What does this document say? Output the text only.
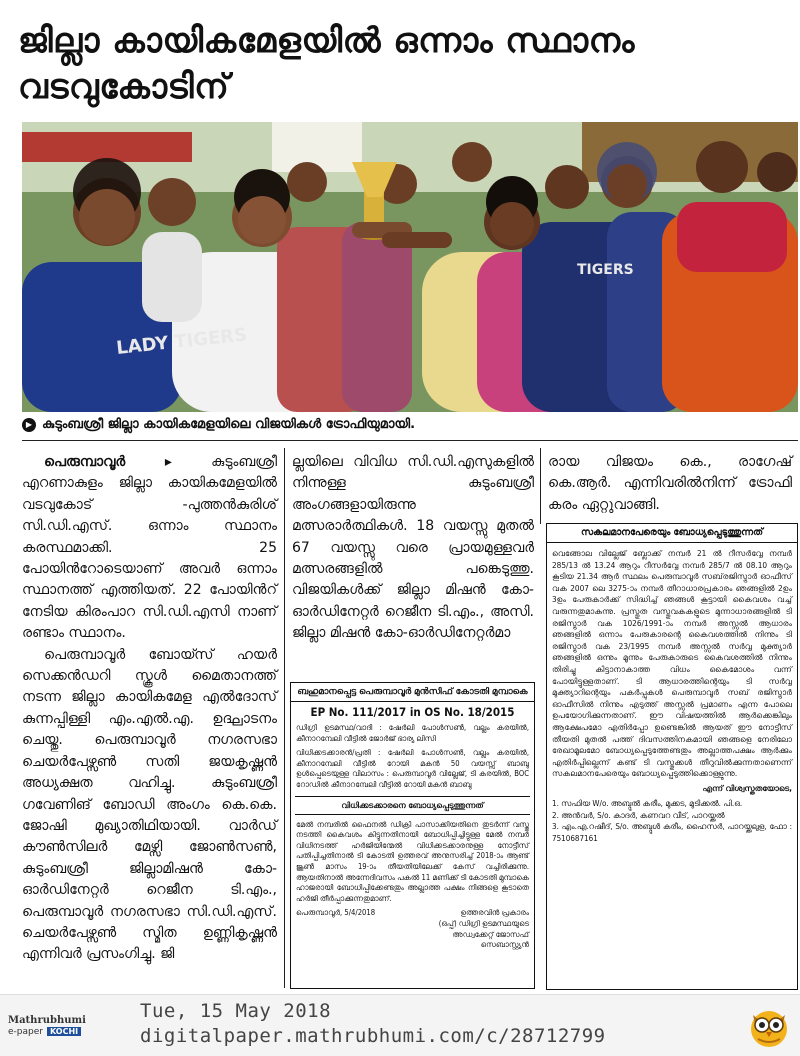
ജില്ലാ കായികമേളയിൽ ഒന്നാം സ്ഥാനം
വടവുകോടിന്
LADY TIGERS
TIGERS
▶ കുടുംബശ്രീ ജില്ലാ കായികമേളയിലെ വിജയികൾ ട്രോഫിയുമായി.

പെരുമ്പാവൂർ ▸	കുടുംബശ്രീ എറണാകുളം ജില്ലാ കായികമേളയിൽ വടവുകോട് -പുത്തൻകുരിശ് സി.ഡി.എസ്. ഒന്നാം സ്ഥാനം കരസ്ഥമാക്കി. 25 പോയിൻറോടെയാണ് അവർ ഒന്നാം സ്ഥാനത്ത് എത്തിയത്. 22 പോയിൻറ് നേടിയ കിരംപാറ സി.ഡി.എസി നാണ് രണ്ടാം സ്ഥാനം.

പെരുമ്പാവൂർ ബോയ്സ് ഹയർ സെക്കൻഡറി സ്കൂൾ മൈതാനത്ത് നടന്ന ജില്ലാ കായികമേള എൽദോസ് കുന്നപ്പിള്ളി എം.എൽ.എ. ഉദ്ഘാടനം ചെയ്തു. പെരുമ്പാവൂർ നഗരസഭാ ചെയർപേഴ്സൺ സതി ജയകൃഷ്ണൻ അധ്യക്ഷത വഹിച്ചു. കുടുംബശ്രീ ഗവേണിങ് ബോഡി അംഗം കെ.കെ. ജോഷി മുഖ്യാതിഥിയായി. വാർഡ് കൗൺസിലർ മേഴ്സി ജോൺസൺ, കുടുംബശ്രീ ജില്ലാമിഷൻ കോ-ഓർഡിനേറ്റർ റെജീന ടി.എം., പെരുമ്പാവൂർ നഗരസഭാ സി.ഡി.എസ്. ചെയർപേഴ്സൺ സ്മിത ഉണ്ണികൃഷ്ണൻ എന്നിവർ പ്രസംഗിച്ചു. ജി

ല്ലയിലെ വിവിധ സി.ഡി.എസുകളിൽ നിന്നുള്ള കുടുംബശ്രീ അംഗങ്ങളായിരുന്നു മത്സരാർത്ഥികൾ. 18 വയസ്സു മുതൽ 67 വയസ്സു വരെ പ്രായമുള്ളവർ മത്സരങ്ങളിൽ പങ്കെടുത്തു. വിജയികൾക്ക് ജില്ലാ മിഷൻ കോ-ഓർഡിനേറ്റർ റെജീന ടി.എം., അസി. ജില്ലാ മിഷൻ കോ-ഓർഡിനേറ്റർമാ

രായ വിജയം കെ., രാഗേഷ് കെ.ആർ. എന്നിവരിൽനിന്ന് ട്രോഫി കരം ഏറ്റുവാങ്ങി.

ബഹുമാനപ്പെട്ട പെരുമ്പാവൂർ മുൻസിഫ് കോടതി മുമ്പാകെ
EP No. 111/2017 in OS No. 18/2015
ഡിഗ്രി ഉടമസ്ഥ/വാദി : ഷേർലി പോൾസൺ, വല്ലം കരയിൽ, കീനാറമ്പേലി വീട്ടിൽ ജോർജ് ഭാര്യ ലിസി
വിധിക്കടക്കാരൻ/പ്രതി : ഷേർലി പോൾസൺ, വല്ലം കരയിൽ, കീനാറമ്പേലി വീട്ടിൽ റോയി മകൻ 50 വയസ്സ് ബാബു ഉൾപ്പെടെയുള്ള വിലാസം : പെരുമ്പാവൂർ വില്ലേജ്, ടി കരയിൽ, BOC റോഡിൽ കീനാറമ്പേലി വീട്ടിൽ റോയി മകൻ ബാബു
വിധിക്കടക്കാരനെ ബോധ്യപ്പെടുത്തുന്നത്
മേൽ നമ്പരിൽ ഫൈനൽ ഡിക്രി പാസാക്കിയതിനെ തുടർന്ന് വസ്തു നടത്തി കൈവശം കിട്ടുന്നതിനായി ബോധിപ്പിച്ചിട്ടുള്ള മേൽ നമ്പർ വിധിനടത്ത് ഹർജിയിന്മേൽ വിധിക്കടക്കാരനുള്ള നോട്ടീസ് പതിപ്പിച്ചതിനാൽ ടി കോടതി ഉത്തരവ് അനുസരിച്ച് 2018-ാം ആണ്ട് ജൂൺ മാസം 19-ാം തീയതിയിലേക്ക് കേസ് വച്ചിരിക്കുന്നു. ആയതിനാൽ അന്നേദിവസം പകൽ 11 മണിക്ക് ടി കോടതി മുമ്പാകെ ഹാജരായി ബോധിപ്പിക്കേണ്ടതും അല്ലാത്ത പക്ഷം നിങ്ങളെ കൂടാതെ ഹർജി തീർപ്പാക്കുന്നതുമാണ്.
പെരുമ്പാവൂർ, 5/4/2018	ഉത്തരവിൻ പ്രകാരം
(ഒപ്പ്) ഡിഗ്രി ഉടമസ്ഥയുടെ അഡ്വക്കേറ്റ് ജോസഫ് സെബാസ്റ്റ്യൻ
സകലമാനപേരെയും ബോധ്യപ്പെടുത്തുന്നത്
വെങ്ങോല വില്ലേജ് ബ്ലോക്ക് നമ്പർ 21 ൽ റീസർവ്വേ നമ്പർ 285/13 ൽ 13.24 ആറും റീസർവ്വേ നമ്പർ 285/7 ൽ 08.10 ആറും കൂടിയ 21.34 ആർ സ്ഥലം പെരുമ്പാവൂർ സബ്‌രജിസ്ട്രാർ ഓഫീസ് വക 2007 ലെ 3275-ാം നമ്പർ തീറാധാരപ്രകാരം ഞങ്ങളിൽ 2ഉം 3ഉം പേരുകാർക്ക് സിദ്ധിച്ച് ഞങ്ങൾ കൂട്ടായി കൈവശം വച്ച് വരുന്നതുമാകുന്നു. പ്രസ്തുത വസ്തുവകകളുടെ മുന്നാധാരങ്ങളിൽ ടി രജിസ്ട്രാർ വക 1026/1991-ാം നമ്പർ അസ്സൽ ആധാരം ഞങ്ങളിൽ ഒന്നാം പേരുകാരന്റെ കൈവശത്തിൽ നിന്നും ടി രജിസ്ട്രാർ വക 23/1995 നമ്പർ അസ്സൽ സർവ്വ മുക്ത്യാർ ഞങ്ങളിൽ ഒന്നും മൂന്നും പേരുകാരുടെ കൈവശത്തിൽ നിന്നും തിരിച്ചു കിട്ടാനാകാത്ത വിധം കൈമോശം വന്ന് പോയിട്ടുള്ളതാണ്. ടി ആധാരത്തിന്റെയും ടി സർവ്വ മുക്ത്യാറിന്റെയും പകർപ്പുകൾ പെരുമ്പാവൂർ സബ് രജിസ്ട്രാർ ഓഫീസിൽ നിന്നും എടുത്ത് അസ്സൽ പ്രമാണം എന്ന പോലെ ഉപയോഗിക്കുന്നതാണ്. ഈ വിഷയത്തിൽ ആർക്കെങ്കിലും ആക്ഷേപമോ എതിർപ്പോ ഉണ്ടെങ്കിൽ ആയത് ഈ നോട്ടീസ് തീയതി മുതൽ പത്ത് ദിവസത്തിനകമായി ഞങ്ങളെ നേരിലോ രേഖാമൂലമോ ബോധ്യപ്പെടുത്തേണ്ടതും അല്ലാത്തപക്ഷം ആർക്കും എതിർപ്പില്ലെന്ന് കണ്ട് ടി വസ്തുക്കൾ തീറുവിൽക്കുന്നതാണെന്ന് സകലമാനപേരെയും ബോധ്യപ്പെടുത്തിക്കൊള്ളുന്നു.
എന്ന് വിശ്വസ്തതയോടെ,
1. സഫിയ W/o. അബ്ദുൽ കരീം, മുക്കട, മുടിക്കൽ. പി.ഒ.
2. അൻവർ, S/o. കാദർ, കണവറ വീട്, പാറയ്ക്കൽ
3. എം.എ.റഷീദ്, S/o. അബ്ദുൾ കരീം, ഹൈസർ, പാറയ്ക്കലുള, ഫോ : 7510687161
Mathrubhumi
e-paper KOCHI
Tue, 15 May 2018
digitalpaper.mathrubhumi.com/c/28712799
